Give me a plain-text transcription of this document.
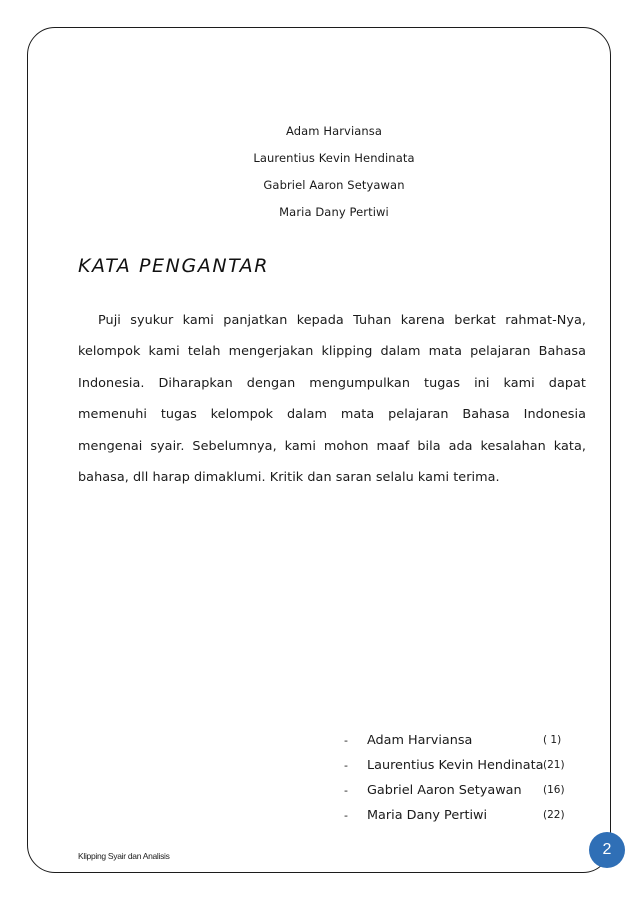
Adam Harviansa
Laurentius Kevin Hendinata
Gabriel Aaron Setyawan
Maria Dany Pertiwi
KATA PENGANTAR
Puji syukur kami panjatkan kepada Tuhan karena berkat rahmat-Nya, kelompok kami telah mengerjakan klipping dalam mata pelajaran Bahasa Indonesia. Diharapkan dengan mengumpulkan tugas ini kami dapat memenuhi tugas kelompok dalam mata pelajaran Bahasa Indonesia mengenai syair. Sebelumnya, kami mohon maaf bila ada kesalahan kata, bahasa, dll harap dimaklumi. Kritik dan saran selalu kami terima.
- Adam Harviansa	( 1)
- Laurentius Kevin Hendinata (21)
- Gabriel Aaron Setyawan (16)
- Maria Dany Pertiwi	(22)
Klipping Syair dan Analisis	2
